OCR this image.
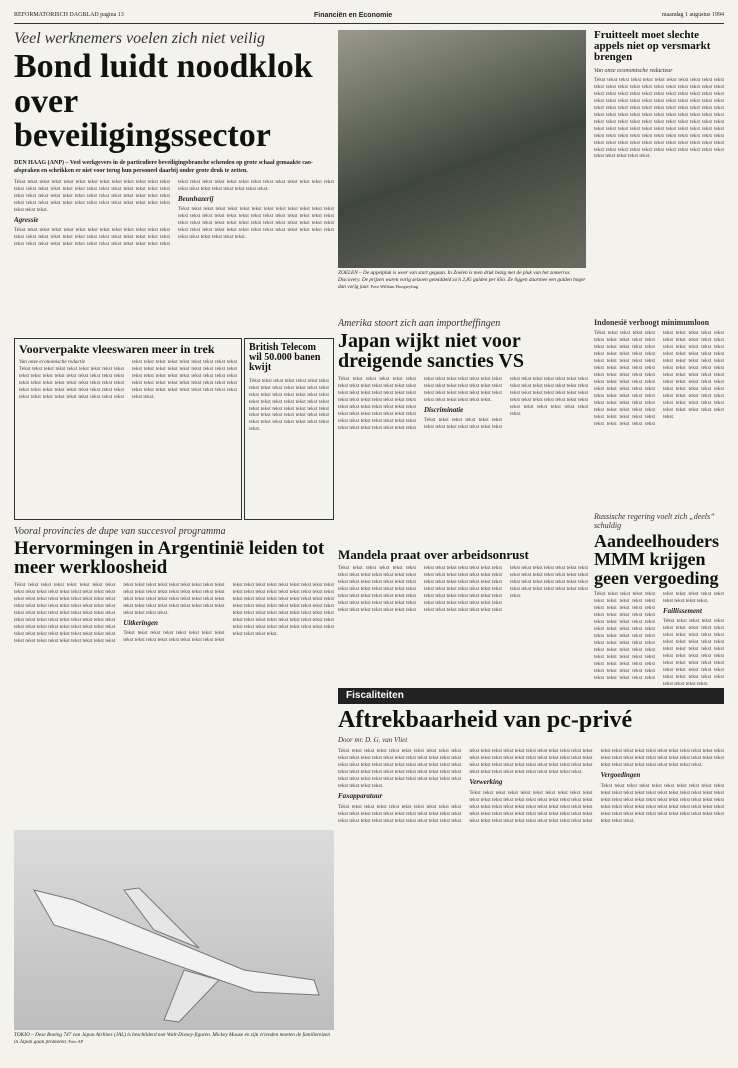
REFORMATORISCH DAGBLAD pagina 13	Financiën en Economie	maandag 1 augustus 1994
Veel werknemers voelen zich niet veilig
Bond luidt noodklok over beveiligingssector
DEN HAAG (ANP) – Veel werkgevers in de particuliere beveiligingsbranche schenden op grote schaal gemaakte cao-afspraken en schrikken er niet voor terug hun personeel daarbij onder grote druk te zetten.
Tekst tekst tekst tekst tekst tekst tekst tekst tekst tekst tekst tekst tekst tekst tekst tekst tekst tekst tekst tekst tekst tekst tekst tekst tekst tekst tekst tekst tekst tekst tekst tekst tekst tekst tekst tekst tekst tekst tekst tekst tekst tekst tekst tekst tekst tekst tekst tekst tekst tekst tekst tekst tekst tekst tekst.
Agressie
Tekst tekst tekst tekst tekst tekst tekst tekst tekst tekst tekst tekst tekst tekst tekst tekst tekst tekst tekst tekst tekst tekst tekst tekst tekst tekst tekst tekst tekst tekst tekst tekst tekst tekst tekst tekst tekst tekst tekst tekst tekst tekst tekst tekst tekst tekst tekst tekst tekst tekst tekst tekst tekst tekst tekst tekst tekst tekst tekst tekst.
Beunhazerij
Tekst tekst tekst tekst tekst tekst tekst tekst tekst tekst tekst tekst tekst tekst tekst tekst tekst tekst tekst tekst tekst tekst tekst tekst tekst tekst tekst tekst tekst tekst tekst tekst tekst tekst tekst tekst tekst tekst tekst tekst tekst tekst tekst tekst tekst tekst tekst tekst tekst tekst tekst tekst tekst tekst tekst tekst tekst tekst.
ZOELEN – De appelpluk is weer van start gegaan. In Zoelen is men druk bezig met de pluk van het zomerras Discovery. De prijzen waren vorig seizoen gemiddeld zo'n 2,85 gulden per kilo. Ze liggen daarmee een gulden hoger dan vorig jaar. Foto William Hoogteyling
Fruitteelt moet slechte appels niet op versmarkt brengen
Van onze economische redacteur
Tekst tekst tekst tekst tekst tekst tekst tekst tekst tekst tekst tekst tekst tekst tekst tekst tekst tekst tekst tekst tekst tekst tekst tekst tekst tekst tekst tekst tekst tekst tekst tekst tekst tekst tekst tekst tekst tekst tekst tekst tekst tekst tekst tekst tekst tekst tekst tekst tekst tekst tekst tekst tekst tekst tekst tekst tekst tekst tekst tekst tekst tekst tekst tekst tekst tekst tekst tekst tekst tekst tekst tekst tekst tekst tekst tekst tekst tekst tekst tekst tekst tekst tekst tekst tekst tekst tekst tekst tekst tekst tekst tekst tekst tekst tekst tekst tekst tekst tekst tekst tekst tekst tekst tekst tekst tekst tekst tekst tekst tekst tekst tekst tekst tekst tekst tekst tekst tekst tekst tekst tekst tekst tekst tekst tekst tekst.
Voorverpakte vleeswaren meer in trek
Van onze economische redactie
Tekst tekst tekst tekst tekst tekst tekst tekst tekst tekst tekst tekst tekst tekst tekst tekst tekst tekst tekst tekst tekst tekst tekst tekst tekst tekst tekst tekst tekst tekst tekst tekst tekst tekst tekst tekst tekst tekst tekst tekst tekst tekst tekst tekst tekst tekst tekst tekst tekst tekst tekst tekst tekst tekst tekst tekst tekst tekst tekst tekst tekst tekst tekst tekst tekst tekst tekst tekst tekst tekst tekst tekst tekst tekst tekst tekst tekst tekst tekst tekst tekst tekst tekst tekst tekst tekst tekst tekst tekst tekst tekst tekst.
British Telecom wil 50.000 banen kwijt
Tekst tekst tekst tekst tekst tekst tekst tekst tekst tekst tekst tekst tekst tekst tekst tekst tekst tekst tekst tekst tekst tekst tekst tekst tekst tekst tekst tekst tekst tekst tekst tekst tekst tekst tekst tekst tekst tekst tekst tekst tekst tekst tekst tekst tekst tekst tekst tekst tekst tekst.
Amerika stoort zich aan importheffingen
Japan wijkt niet voor dreigende sancties VS
Tekst tekst tekst tekst tekst tekst tekst tekst tekst tekst tekst tekst tekst tekst tekst tekst tekst tekst tekst tekst tekst tekst tekst tekst tekst tekst tekst tekst tekst tekst tekst tekst tekst tekst tekst tekst tekst tekst tekst tekst tekst tekst tekst tekst tekst tekst tekst tekst tekst tekst tekst tekst tekst tekst tekst tekst tekst tekst tekst tekst tekst tekst tekst tekst tekst tekst tekst tekst tekst tekst tekst tekst tekst tekst tekst tekst tekst tekst tekst tekst tekst tekst.
Discriminatie
Tekst tekst tekst tekst tekst tekst tekst tekst tekst tekst tekst tekst tekst tekst tekst tekst tekst tekst tekst tekst tekst tekst tekst tekst tekst tekst tekst tekst tekst tekst tekst tekst tekst tekst tekst tekst tekst tekst tekst tekst tekst tekst tekst tekst tekst tekst tekst tekst.
Indonesië verhoogt minimumloon
Tekst tekst tekst tekst tekst tekst tekst tekst tekst tekst tekst tekst tekst tekst tekst tekst tekst tekst tekst tekst tekst tekst tekst tekst tekst tekst tekst tekst tekst tekst tekst tekst tekst tekst tekst tekst tekst tekst tekst tekst tekst tekst tekst tekst tekst tekst tekst tekst tekst tekst tekst tekst tekst tekst tekst tekst tekst tekst tekst tekst tekst tekst tekst tekst tekst tekst tekst tekst tekst tekst tekst tekst tekst tekst tekst tekst tekst tekst tekst tekst tekst tekst tekst tekst tekst tekst tekst tekst tekst tekst tekst tekst tekst tekst tekst tekst tekst tekst tekst tekst tekst tekst tekst tekst tekst tekst tekst tekst tekst tekst tekst tekst tekst tekst tekst tekst tekst tekst tekst tekst tekst tekst tekst tekst tekst tekst tekst tekst tekst tekst tekst.
Vooral provincies de dupe van succesvol programma
Hervormingen in Argentinië leiden tot meer werkloosheid
Tekst tekst tekst tekst tekst tekst tekst tekst tekst tekst tekst tekst tekst tekst tekst tekst tekst tekst tekst tekst tekst tekst tekst tekst tekst tekst tekst tekst tekst tekst tekst tekst tekst tekst tekst tekst tekst tekst tekst tekst tekst tekst tekst tekst tekst tekst tekst tekst tekst tekst tekst tekst tekst tekst tekst tekst tekst tekst tekst tekst tekst tekst tekst tekst tekst tekst tekst tekst tekst tekst tekst tekst tekst tekst tekst tekst tekst tekst tekst tekst tekst tekst tekst tekst tekst tekst tekst tekst tekst tekst tekst tekst tekst tekst tekst tekst tekst tekst tekst tekst tekst tekst tekst tekst tekst tekst tekst tekst tekst tekst tekst tekst tekst tekst tekst tekst tekst tekst tekst tekst.
Uitkeringen
Tekst tekst tekst tekst tekst tekst tekst tekst tekst tekst tekst tekst tekst tekst tekst tekst tekst tekst tekst tekst tekst tekst tekst tekst tekst tekst tekst tekst tekst tekst tekst tekst tekst tekst tekst tekst tekst tekst tekst tekst tekst tekst tekst tekst tekst tekst tekst tekst tekst tekst tekst tekst tekst tekst tekst tekst tekst tekst tekst tekst tekst tekst tekst tekst tekst tekst tekst tekst tekst tekst tekst tekst tekst tekst tekst tekst tekst tekst tekst tekst tekst tekst tekst tekst.
Russische regering voelt zich „deels” schuldig
Aandeelhouders MMM krijgen geen vergoeding
Tekst tekst tekst tekst tekst tekst tekst tekst tekst tekst tekst tekst tekst tekst tekst tekst tekst tekst tekst tekst tekst tekst tekst tekst tekst tekst tekst tekst tekst tekst tekst tekst tekst tekst tekst tekst tekst tekst tekst tekst tekst tekst tekst tekst tekst tekst tekst tekst tekst tekst tekst tekst tekst tekst tekst tekst tekst tekst tekst tekst tekst tekst tekst tekst tekst tekst tekst tekst tekst tekst tekst tekst tekst tekst.
Faillissement
Tekst tekst tekst tekst tekst tekst tekst tekst tekst tekst tekst tekst tekst tekst tekst tekst tekst tekst tekst tekst tekst tekst tekst tekst tekst tekst tekst tekst tekst tekst tekst tekst tekst tekst tekst tekst tekst tekst tekst tekst tekst tekst tekst tekst tekst tekst tekst tekst tekst.
Mandela praat over arbeidsonrust
Tekst tekst tekst tekst tekst tekst tekst tekst tekst tekst tekst tekst tekst tekst tekst tekst tekst tekst tekst tekst tekst tekst tekst tekst tekst tekst tekst tekst tekst tekst tekst tekst tekst tekst tekst tekst tekst tekst tekst tekst tekst tekst tekst tekst tekst tekst tekst tekst tekst tekst tekst tekst tekst tekst tekst tekst tekst tekst tekst tekst tekst tekst tekst tekst tekst tekst tekst tekst tekst tekst tekst tekst tekst tekst tekst tekst tekst tekst tekst tekst tekst tekst tekst tekst tekst tekst tekst tekst tekst tekst tekst tekst tekst tekst tekst tekst tekst tekst tekst tekst tekst tekst tekst tekst tekst tekst tekst tekst tekst tekst tekst tekst tekst tekst tekst tekst tekst tekst tekst tekst tekst tekst tekst tekst tekst tekst.
Fiscaliteiten
Aftrekbaarheid van pc-privé
Door mr. D. G. van Vliet
Tekst tekst tekst tekst tekst tekst tekst tekst tekst tekst tekst tekst tekst tekst tekst tekst tekst tekst tekst tekst tekst tekst tekst tekst tekst tekst tekst tekst tekst tekst tekst tekst tekst tekst tekst tekst tekst tekst tekst tekst tekst tekst tekst tekst tekst tekst tekst tekst tekst tekst tekst tekst tekst tekst tekst tekst tekst tekst.
Faxapparatuur
Tekst tekst tekst tekst tekst tekst tekst tekst tekst tekst tekst tekst tekst tekst tekst tekst tekst tekst tekst tekst tekst tekst tekst tekst tekst tekst tekst tekst tekst tekst tekst tekst tekst tekst tekst tekst tekst tekst tekst tekst tekst tekst tekst tekst tekst tekst tekst tekst tekst tekst tekst tekst tekst tekst tekst tekst tekst tekst tekst tekst tekst tekst tekst tekst tekst tekst tekst tekst tekst tekst tekst tekst tekst tekst tekst.
Verwerking
Tekst tekst tekst tekst tekst tekst tekst tekst tekst tekst tekst tekst tekst tekst tekst tekst tekst tekst tekst tekst tekst tekst tekst tekst tekst tekst tekst tekst tekst tekst tekst tekst tekst tekst tekst tekst tekst tekst tekst tekst tekst tekst tekst tekst tekst tekst tekst tekst tekst tekst tekst tekst tekst tekst tekst tekst tekst tekst tekst tekst tekst tekst tekst tekst tekst tekst tekst tekst tekst tekst tekst tekst tekst tekst tekst tekst tekst tekst tekst tekst tekst tekst tekst tekst tekst.
Vergoedingen
Tekst tekst tekst tekst tekst tekst tekst tekst tekst tekst tekst tekst tekst tekst tekst tekst tekst tekst tekst tekst tekst tekst tekst tekst tekst tekst tekst tekst tekst tekst tekst tekst tekst tekst tekst tekst tekst tekst tekst tekst tekst tekst tekst tekst tekst tekst tekst tekst tekst tekst tekst tekst tekst tekst tekst tekst tekst.
TOKIO – Deze Boeing 747 van Japan Airlines (JAL) is beschilderd met Walt-Disney-figuren. Mickey Mouse en zijn vrienden moeten de familiereizen in Japan gaan promoten. Foto AP
